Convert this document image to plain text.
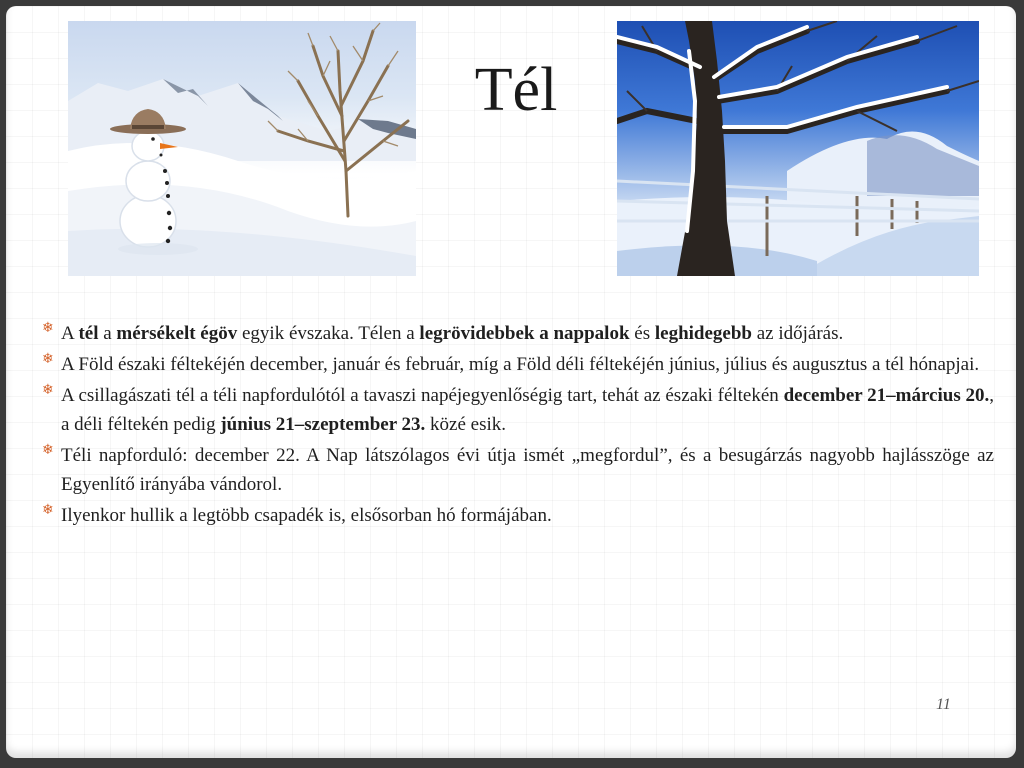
Tél
❄ A tél a mérsékelt égöv egyik évszaka. Télen a legrövidebbek a nappalok és leghidegebb az időjárás.
❄ A Föld északi féltekéjén december, január és február, míg a Föld déli féltekéjén június, július és augusztus a tél hónapjai.
❄ A csillagászati tél a téli napfordulótól a tavaszi napéjegyenlőségig tart, tehát az északi féltekén december 21–március 20., a déli féltekén pedig június 21–szeptember 23. közé esik.
❄ Téli napforduló: december 22. A Nap látszólagos évi útja ismét „megfordul”, és a besugárzás nagyobb hajlásszöge az Egyenlítő irányába vándorol.
❄ Ilyenkor hullik a legtöbb csapadék is, elsősorban hó formájában.
11
